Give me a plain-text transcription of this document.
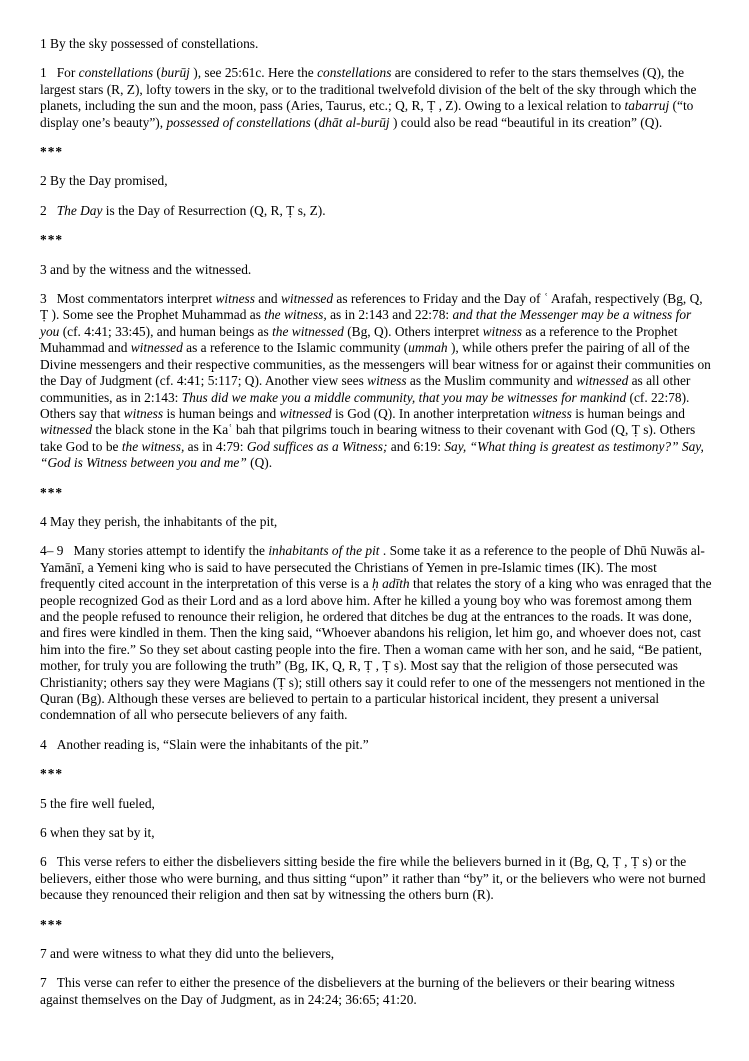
1 By the sky possessed of constellations.

1 For constellations (burūj ), see 25:61c. Here the constellations are considered to refer to the stars themselves (Q), the largest stars (R, Z), lofty towers in the sky, or to the traditional twelvefold division of the belt of the sky through which the planets, including the sun and the moon, pass (Aries, Taurus, etc.; Q, R, Ṭ , Z). Owing to a lexical relation to tabarruj (“to display one’s beauty”), possessed of constellations (dhāt al-burūj ) could also be read “beautiful in its creation” (Q).

***

2 By the Day promised,

2 The Day is the Day of Resurrection (Q, R, Ṭ s, Z).

***

3 and by the witness and the witnessed.

3 Most commentators interpret witness and witnessed as references to Friday and the Day of ʿ Arafah, respectively (Bg, Q, Ṭ ). Some see the Prophet Muhammad as the witness, as in 2:143 and 22:78: and that the Messenger may be a witness for you (cf. 4:41; 33:45), and human beings as the witnessed (Bg, Q). Others interpret witness as a reference to the Prophet Muhammad and witnessed as a reference to the Islamic community (ummah ), while others prefer the pairing of all of the Divine messengers and their respective communities, as the messengers will bear witness for or against their communities on the Day of Judgment (cf. 4:41; 5:117; Q). Another view sees witness as the Muslim community and witnessed as all other communities, as in 2:143: Thus did we make you a middle community, that you may be witnesses for mankind (cf. 22:78). Others say that witness is human beings and witnessed is God (Q). In another interpretation witness is human beings and witnessed the black stone in the Kaʿ bah that pilgrims touch in bearing witness to their covenant with God (Q, Ṭ s). Others take God to be the witness, as in 4:79: God suffices as a Witness; and 6:19: Say, “What thing is greatest as testimony?” Say, “God is Witness between you and me” (Q).

***

4 May they perish, the inhabitants of the pit,

4– 9 Many stories attempt to identify the inhabitants of the pit . Some take it as a reference to the people of Dhū Nuwās al-Yamānī, a Yemeni king who is said to have persecuted the Christians of Yemen in pre-Islamic times (IK). The most frequently cited account in the interpretation of this verse is a ḥ adīth that relates the story of a king who was enraged that the people recognized God as their Lord and as a lord above him. After he killed a young boy who was foremost among them and the people refused to renounce their religion, he ordered that ditches be dug at the entrances to the roads. It was done, and fires were kindled in them. Then the king said, “Whoever abandons his religion, let him go, and whoever does not, cast him into the fire.” So they set about casting people into the fire. Then a woman came with her son, and he said, “Be patient, mother, for truly you are following the truth” (Bg, IK, Q, R, Ṭ , Ṭ s). Most say that the religion of those persecuted was Christianity; others say they were Magians (Ṭ s); still others say it could refer to one of the messengers not mentioned in the Quran (Bg). Although these verses are believed to pertain to a particular historical incident, they present a universal condemnation of all who persecute believers of any faith.

4 Another reading is, “Slain were the inhabitants of the pit.”

***

5 the fire well fueled,

6 when they sat by it,

6 This verse refers to either the disbelievers sitting beside the fire while the believers burned in it (Bg, Q, Ṭ , Ṭ s) or the believers, either those who were burning, and thus sitting “upon” it rather than “by” it, or the believers who were not burned because they renounced their religion and then sat by witnessing the others burn (R).

***

7 and were witness to what they did unto the believers,

7 This verse can refer to either the presence of the disbelievers at the burning of the believers or their bearing witness against themselves on the Day of Judgment, as in 24:24; 36:65; 41:20.
